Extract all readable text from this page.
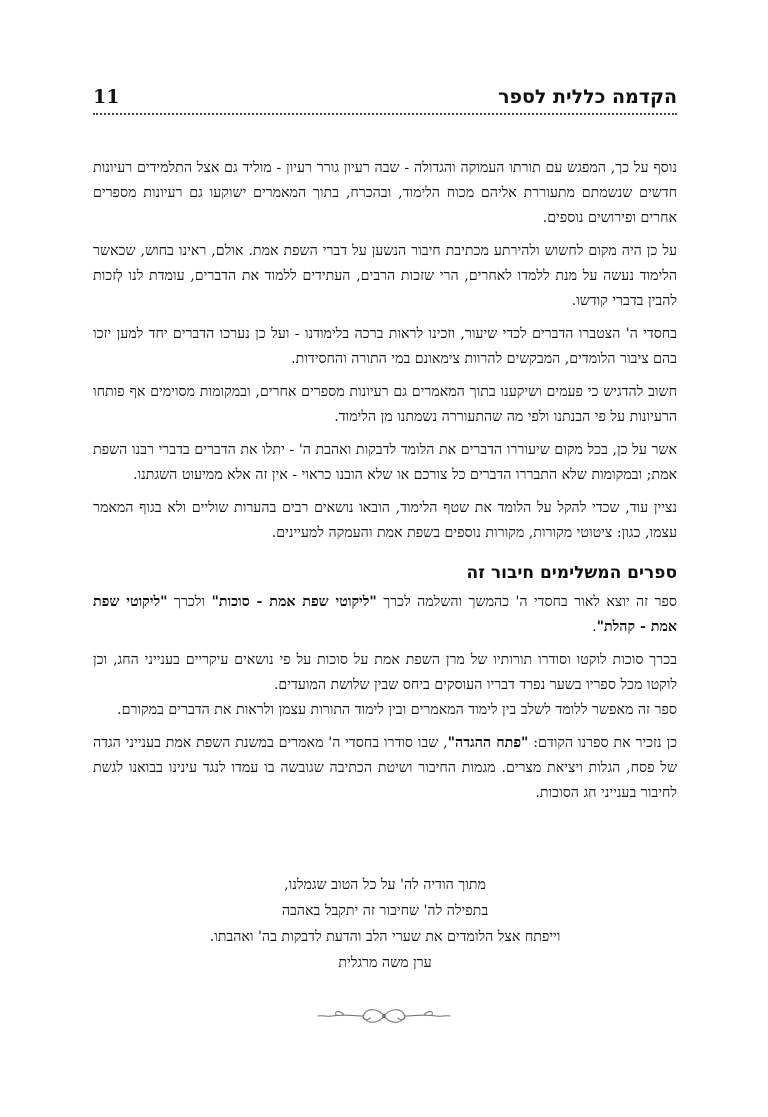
הקדמה כללית לספר
11

נוסף על כך, המפגש עם תורתו העמוקה והגדולה - שבה רעיון גורר רעיון - מוליד גם אצל התלמידים רעיונות חדשים שנשמתם מתעוררת אליהם מכוח הלימוד, ובהכרח, בתוך המאמרים ישוקעו גם רעיונות מספרים אחרים ופירושים נוספים.

על כן היה מקום לחשוש ולהירתע מכתיבת חיבור הנשען על דברי השפת אמת. אולם, ראינו בחוש, שכאשר הלימוד נעשה על מנת ללמדו לאחרים, הרי שזכות הרבים, העתידים ללמוד את הדברים, עומדת לנו לְזכות להבין בדברי קודשו.

בחסדי ה' הצטברו הדברים לכדי שיעור, וזכינו לראות ברכה בלימודנו - ועל כן נערכו הדברים יחד למען יזכו בהם ציבור הלומדים, המבקשים להרוות צימאונם במי התורה והחסידות.

חשוב להדגיש כי פעמים ושיקענו בתוך המאמרים גם רעיונות מספרים אחרים, ובמקומות מסוימים אף פותחו הרעיונות על פי הבנתנו ולפי מה שהתעוררה נשמתנו מן הלימוד.

אשר על כן, בכל מקום שיעוררו הדברים את הלומד לדבקות ואהבת ה' - יתלו את הדברים בדברי רבנו השפת אמת; ובמקומות שלא התבררו הדברים כל צורכם או שלא הובנו כראוי - אין זה אלא ממיעוט השגתנו.

נציין עוד, שכדי להקל על הלומד את שטף הלימוד, הובאו נושאים רבים בהערות שוליים ולא בגוף המאמר עצמו, כגון: ציטוטי מקורות, מקורות נוספים בשפת אמת והעמקה למעיינים.

ספרים המשלימים חיבור זה

ספר זה יוצא לאור בחסדי ה' כהמשך והשלמה לכרך "ליקוטי שפת אמת - סוכות" ולכרך "ליקוטי שפת אמת - קהלת".

בכרך סוכות לוקטו וסודרו תורותיו של מרן השפת אמת על סוכות על פי נושאים עיקריים בענייני החג, וכן לוקטו מכל ספריו בשער נפרד דבריו העוסקים ביחס שבין שלושת המועדים.

ספר זה מאפשר ללומד לשלב בין לימוד המאמרים ובין לימוד התורות עצמן ולראות את הדברים במקורם.

כן נזכיר את ספרנו הקודם: "פתח ההגדה", שבו סודרו בחסדי ה' מאמרים במשנת השפת אמת בענייני הגדה של פסח, הגלות ויציאת מצרים. מגמות החיבור ושיטת הכתיבה שגובשה בו עמדו לנגד עינינו בבואנו לגשת לחיבור בענייני חג הסוכות.

מתוך הודיה לה' על כל הטוב שגמלנו,
בתפילה לה' שחיבור זה יתקבל באהבה
וייפתח אצל הלומדים את שערי הלב והדעת לדבקות בה' ואהבתו.
ערן משה מרגלית
